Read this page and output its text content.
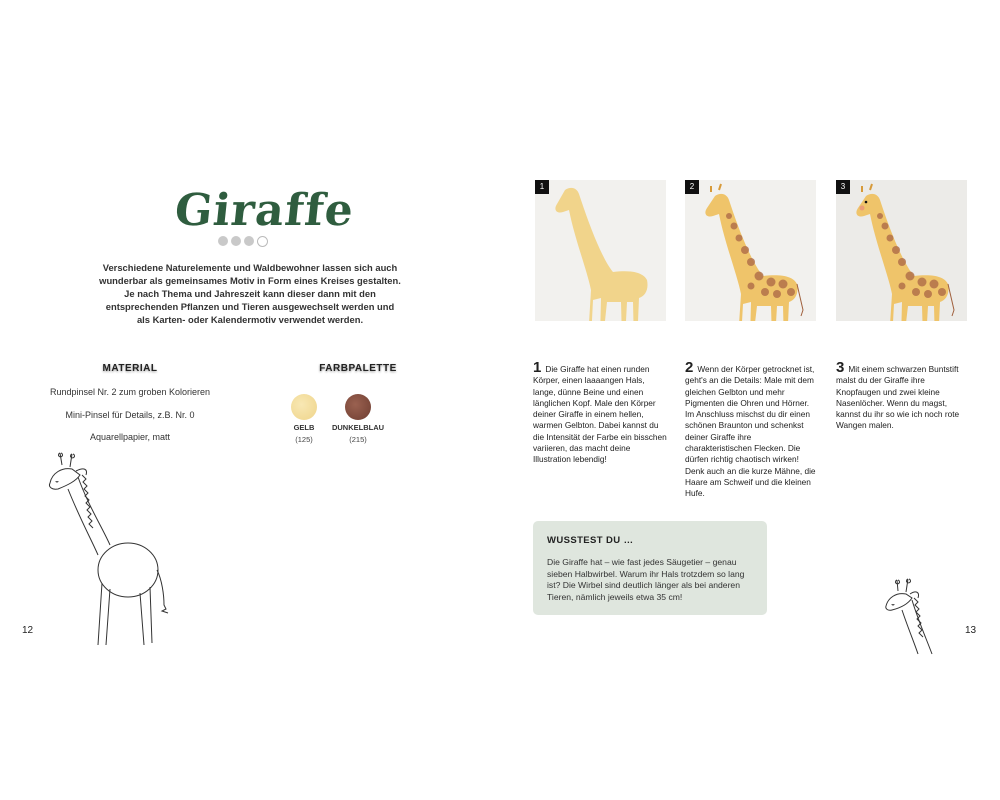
Giraffe
Verschiedene Naturelemente und Waldbewohner lassen sich auch wunderbar als gemeinsames Motiv in Form eines Kreises gestalten. Je nach Thema und Jahreszeit kann dieser dann mit den entsprechenden Pflanzen und Tieren ausgewechselt werden und als Karten- oder Kalendermotiv verwendet werden.
MATERIAL
Rundpinsel Nr. 2 zum groben Kolorieren
Mini-Pinsel für Details, z.B. Nr. 0
Aquarellpapier, matt
FARBPALETTE
GELB
(125)
DUNKELBLAU
(215)
12
1	2	3
1 Die Giraffe hat einen runden Körper, einen laaaangen Hals, lange, dünne Beine und einen länglichen Kopf. Male den Körper deiner Giraffe in einem hellen, warmen Gelbton. Dabei kannst du die Intensität der Farbe ein bisschen variieren, das macht deine Illustration lebendig!
2 Wenn der Körper getrocknet ist, geht's an die Details: Male mit dem gleichen Gelbton und mehr Pigmenten die Ohren und Hörner. Im Anschluss mischst du dir einen schönen Braunton und schenkst deiner Giraffe ihre charakteristischen Flecken. Die dürfen richtig chaotisch wirken! Denk auch an die kurze Mähne, die Haare am Schweif und die kleinen Hufe.
3 Mit einem schwarzen Buntstift malst du der Giraffe ihre Knopfaugen und zwei kleine Nasenlöcher. Wenn du magst, kannst du ihr so wie ich noch rote Wangen malen.
WUSSTEST DU …
Die Giraffe hat – wie fast jedes Säugetier – genau sieben Halbwirbel. Warum ihr Hals trotzdem so lang ist? Die Wirbel sind deutlich länger als bei anderen Tieren, nämlich jeweils etwa 35 cm!
13
